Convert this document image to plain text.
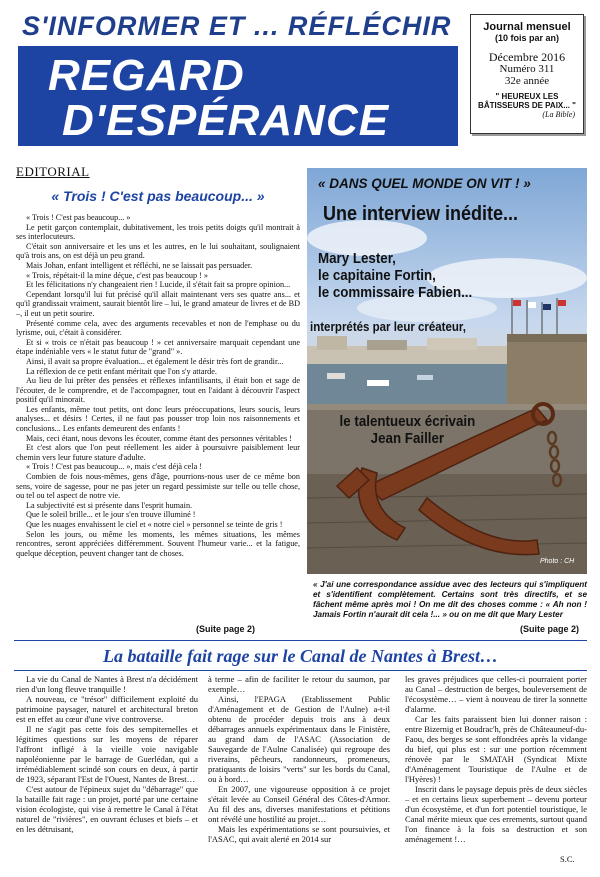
S'INFORMER ET ... RÉFLÉCHIR
REGARD
D'ESPÉRANCE
Journal mensuel
(10 fois par an)
Décembre 2016
Numéro 311
32e année
" HEUREUX LES BÂTISSEURS DE PAIX... "
(La Bible)
EDITORIAL
« Trois ! C'est pas beaucoup... »

« Trois ! C'est pas beaucoup... »

Le petit garçon contemplait, dubitativement, les trois petits doigts qu'il montrait à ses interlocuteurs.

C'était son anniversaire et les uns et les autres, en le lui souhaitant, soulignaient qu'à trois ans, on est déjà un peu grand.

Mais Johan, enfant intelligent et réfléchi, ne se laissait pas persuader.

« Trois, répétait-il la mine déçue, c'est pas beaucoup ! »

Et les félicitations n'y changeaient rien ! Lucide, il s'était fait sa propre opinion...

Cependant lorsqu'il lui fut précisé qu'il allait maintenant vers ses quatre ans... et qu'il grandissait vraiment, saurait bientôt lire – lui, le grand amateur de livres et de BD –, il eut un petit sourire.

Présenté comme cela, avec des arguments recevables et non de l'emphase ou du lyrisme, oui, c'était à considérer.

Et si « trois ce n'était pas beaucoup ! » cet anniversaire marquait cependant une étape indéniable vers « le statut futur de "grand" ».

Ainsi, il avait sa propre évaluation... et également le désir très fort de grandir...

La réflexion de ce petit enfant méritait que l'on s'y attarde.

Au lieu de lui prêter des pensées et réflexes infantilisants, il était bon et sage de l'écouter, de le comprendre, et de l'accompagner, tout en l'aidant à découvrir l'aspect positif qu'il minorait.

Les enfants, même tout petits, ont donc leurs préoccupations, leurs soucis, leurs analyses... et désirs ! Certes, il ne faut pas pousser trop loin nos raisonnements et conclusions... Les enfants demeurent des enfants !

Mais, ceci étant, nous devons les écouter, comme étant des personnes véritables !

Et c'est alors que l'on peut réellement les aider à poursuivre paisiblement leur chemin vers leur future stature d'adulte.

« Trois ! C'est pas beaucoup... », mais c'est déjà cela !

Combien de fois nous-mêmes, gens d'âge, pourrions-nous user de ce même bon sens, voire de sagesse, pour ne pas jeter un regard pessimiste sur telle ou telle chose, ou tel ou tel aspect de notre vie.

La subjectivité est si présente dans l'esprit humain.

Que le soleil brille... et le jour s'en trouve illuminé !

Que les nuages envahissent le ciel et « notre ciel » personnel se teinte de gris !

Selon les jours, ou même les moments, les mêmes situations, les mêmes rencontres, seront appréciées différemment. Souvent l'humeur varie... et la fatigue, quelque déception, peuvent changer tant de choses.

(Suite page 2)
« DANS QUEL MONDE ON VIT ! »
Une interview inédite...
Mary Lester,
le capitaine Fortin,
le commissaire Fabien...
interprétés par leur créateur,
le talentueux écrivain
Jean Failler
Photo : CH
« J'ai une correspondance assidue avec des lecteurs qui s'impliquent et s'identifient complètement. Certains sont très directifs, et se fâchent même après moi ! On me dit des choses comme : « Ah non ! Jamais Fortin n'aurait dit cela !... » ou on me dit que Mary Lester
(Suite page 2)
La bataille fait rage sur le Canal de Nantes à Brest…

La vie du Canal de Nantes à Brest n'a décidément rien d'un long fleuve tranquille !

A nouveau, ce "trésor" difficilement exploité du patrimoine paysager, naturel et architectural breton est en effet au cœur d'une vive controverse.

Il ne s'agit pas cette fois des sempiternelles et légitimes questions sur les moyens de réparer l'affront infligé à la vieille voie navigable napoléonienne par le barrage de Guerlédan, qui a irrémédiablement scindé son cours en deux, à partir de 1923, séparant l'Est de l'Ouest, Nantes de Brest…

C'est autour de l'épineux sujet du "débarrage" que la bataille fait rage : un projet, porté par une certaine vision écologiste, qui vise à remettre le Canal à l'état naturel de "rivières", en ouvrant écluses et biefs – et en les détruisant,

à terme – afin de faciliter le retour du saumon, par exemple…

Ainsi, l'EPAGA (Etablissement Public d'Aménagement et de Gestion de l'Aulne) a-t-il obtenu de procéder depuis trois ans à deux débarrages annuels expérimentaux dans le Finistère, au grand dam de l'ASAC (Association de Sauvegarde de l'Aulne Canalisée) qui regroupe des riverains, pêcheurs, randonneurs, promeneurs, pratiquants de loisirs "verts" sur les bords du Canal, ou à bord…

En 2007, une vigoureuse opposition à ce projet s'était levée au Conseil Général des Côtes-d'Armor. Au fil des ans, diverses manifestations et pétitions ont révélé une hostilité au projet…

Mais les expérimentations se sont poursuivies, et l'ASAC, qui avait alerté en 2014 sur

les graves préjudices que celles-ci pourraient porter au Canal – destruction de berges, bouleversement de l'écosystème… – vient à nouveau de tirer la sonnette d'alarme.

Car les faits paraissent bien lui donner raison : entre Bizernig et Boudrac'h, près de Châteauneuf-du-Faou, des berges se sont effondrées après la vidange du bief, qui plus est : sur une portion récemment rénovée par le SMATAH (Syndicat Mixte d'Aménagement Touristique de l'Aulne et de l'Hyères) !

Inscrit dans le paysage depuis près de deux siècles – et en certains lieux superbement – devenu porteur d'un écosystème, et d'un fort potentiel touristique, le Canal mérite mieux que ces errements, surtout quand l'on finance à la fois sa destruction et son aménagement !…

S.C.
